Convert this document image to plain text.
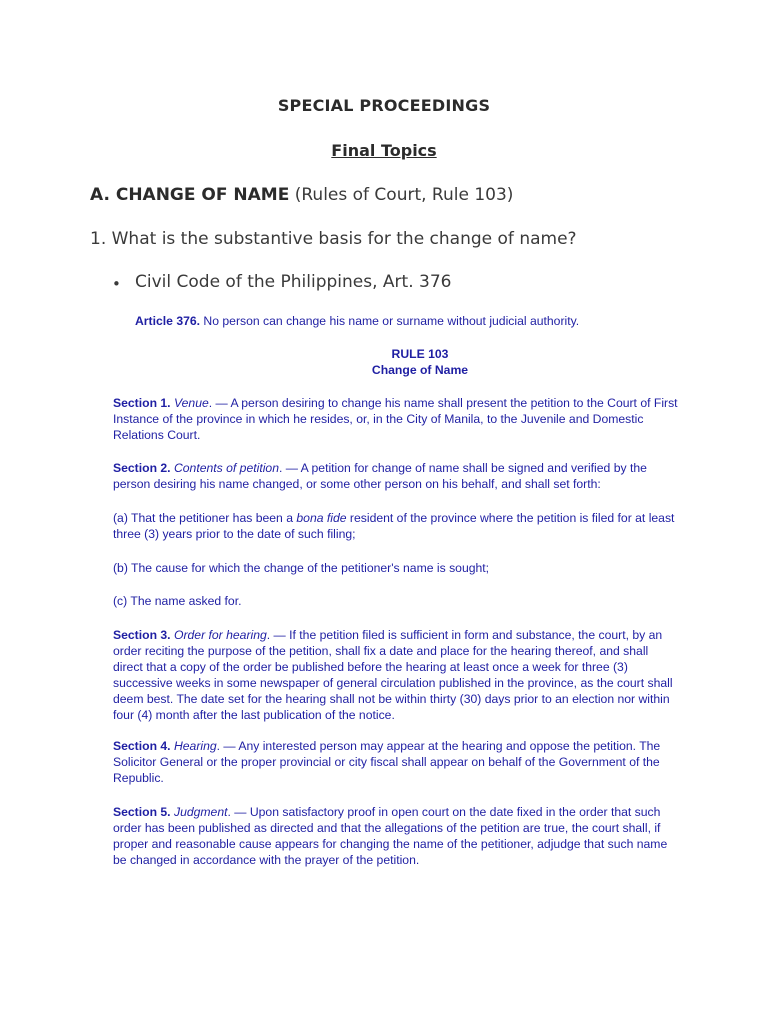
SPECIAL PROCEEDINGS
Final Topics
A. CHANGE OF NAME (Rules of Court, Rule 103)
1. What is the substantive basis for the change of name?
• Civil Code of the Philippines, Art. 376
Article 376. No person can change his name or surname without judicial authority.
RULE 103
Change of Name
Section 1. Venue. — A person desiring to change his name shall present the petition to the Court of First Instance of the province in which he resides, or, in the City of Manila, to the Juvenile and Domestic Relations Court.
Section 2. Contents of petition. — A petition for change of name shall be signed and verified by the person desiring his name changed, or some other person on his behalf, and shall set forth:
(a) That the petitioner has been a bona fide resident of the province where the petition is filed for at least three (3) years prior to the date of such filing;
(b) The cause for which the change of the petitioner's name is sought;
(c) The name asked for.
Section 3. Order for hearing. — If the petition filed is sufficient in form and substance, the court, by an order reciting the purpose of the petition, shall fix a date and place for the hearing thereof, and shall direct that a copy of the order be published before the hearing at least once a week for three (3) successive weeks in some newspaper of general circulation published in the province, as the court shall deem best. The date set for the hearing shall not be within thirty (30) days prior to an election nor within four (4) month after the last publication of the notice.
Section 4. Hearing. — Any interested person may appear at the hearing and oppose the petition. The Solicitor General or the proper provincial or city fiscal shall appear on behalf of the Government of the Republic.
Section 5. Judgment. — Upon satisfactory proof in open court on the date fixed in the order that such order has been published as directed and that the allegations of the petition are true, the court shall, if proper and reasonable cause appears for changing the name of the petitioner, adjudge that such name be changed in accordance with the prayer of the petition.
